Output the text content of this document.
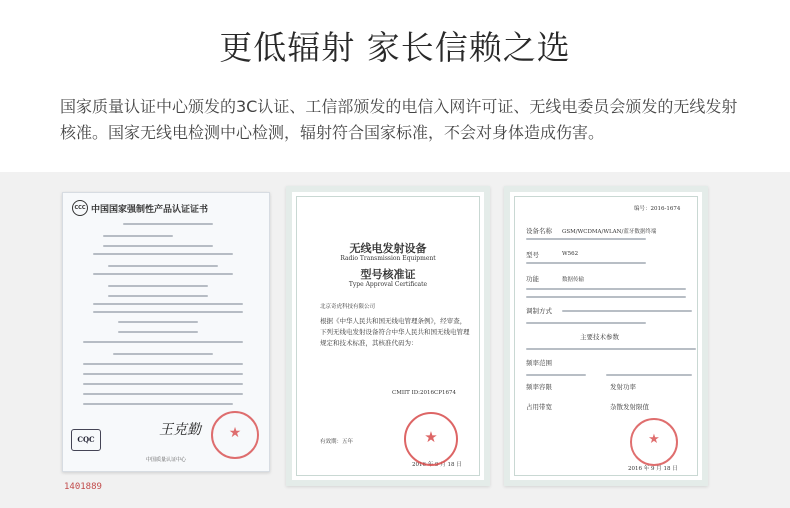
更低辐射 家长信赖之选
国家质量认证中心颁发的3C认证、工信部颁发的电信入网许可证、无线电委员会颁发的无线发射核准。国家无线电检测中心检测，辐射符合国家标准，不会对身体造成伤害。
CCC 中国国家强制性产品认证证书
CQC
王克勤
★
中国质量认证中心
1401889
无线电发射设备
Radio Transmission Equipment
型号核准证
Type Approval Certificate
北京奇虎科技有限公司
根据《中华人民共和国无线电管理条例》，经审查，下列无线电发射设备符合中华人民共和国无线电管理规定和技术标准，其核准代码为：
CMIIT ID:2016CP1674
有效期：五年
2016 年 9 月 18 日
★
编号：2016-1674
设备名称 GSM/WCDMA/WLAN/蓝牙数据终端
型号	W562
功能	数据传输
调制方式
主要技术参数
频率范围
频率容限	发射功率
占用带宽	杂散发射限值
★
2016 年 9 月 18 日
